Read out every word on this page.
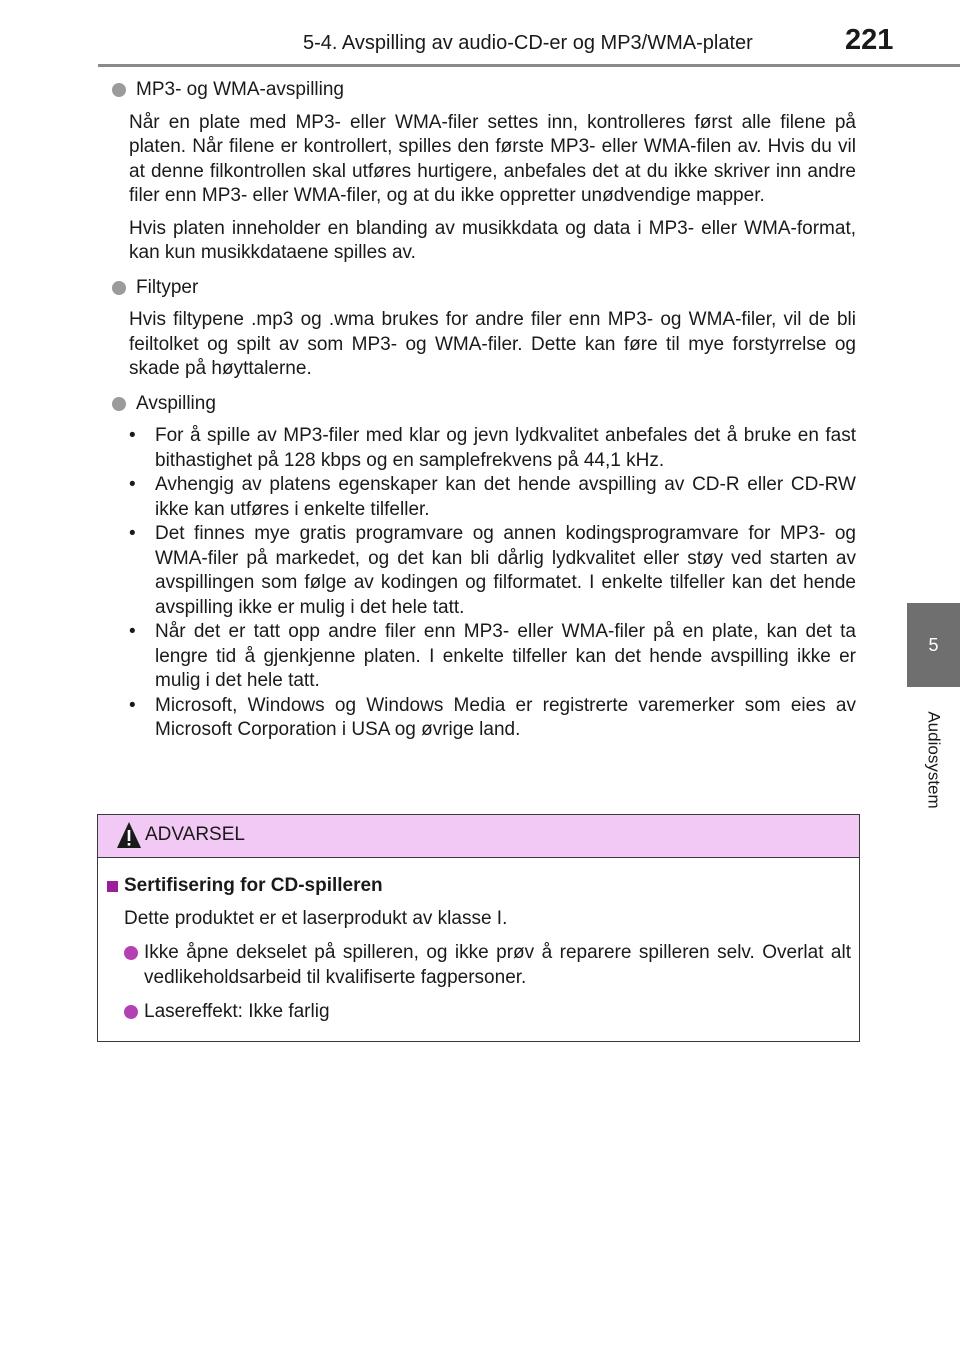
5-4. Avspilling av audio-CD-er og MP3/WMA-plater	221
5
Audiosystem
MP3- og WMA-avspilling

Når en plate med MP3- eller WMA-filer settes inn, kontrolleres først alle filene på platen. Når filene er kontrollert, spilles den første MP3- eller WMA-filen av. Hvis du vil at denne filkontrollen skal utføres hurtigere, anbefales det at du ikke skriver inn andre filer enn MP3- eller WMA-filer, og at du ikke oppretter unødvendige mapper.

Hvis platen inneholder en blanding av musikkdata og data i MP3- eller WMA-format, kan kun musikkdataene spilles av.

Filtyper

Hvis filtypene .mp3 og .wma brukes for andre filer enn MP3- og WMA-filer, vil de bli feiltolket og spilt av som MP3- og WMA-filer. Dette kan føre til mye forstyrrelse og skade på høyttalerne.

Avspilling
•	For å spille av MP3-filer med klar og jevn lydkvalitet anbefales det å bruke en fast bithastighet på 128 kbps og en samplefrekvens på 44,1 kHz.
•	Avhengig av platens egenskaper kan det hende avspilling av CD-R eller CD-RW ikke kan utføres i enkelte tilfeller.
•	Det finnes mye gratis programvare og annen kodingsprogramvare for MP3- og WMA-filer på markedet, og det kan bli dårlig lydkvalitet eller støy ved starten av avspillingen som følge av kodingen og filformatet. I enkelte tilfeller kan det hende avspilling ikke er mulig i det hele tatt.
•	Når det er tatt opp andre filer enn MP3- eller WMA-filer på en plate, kan det ta lengre tid å gjenkjenne platen. I enkelte tilfeller kan det hende avspilling ikke er mulig i det hele tatt.
•	Microsoft, Windows og Windows Media er registrerte varemerker som eies av Microsoft Corporation i USA og øvrige land.
ADVARSEL
Sertifisering for CD-spilleren
Dette produktet er et laserprodukt av klasse I.
Ikke åpne dekselet på spilleren, og ikke prøv å reparere spilleren selv. Overlat alt vedlikeholdsarbeid til kvalifiserte fagpersoner.
Lasereffekt: Ikke farlig
